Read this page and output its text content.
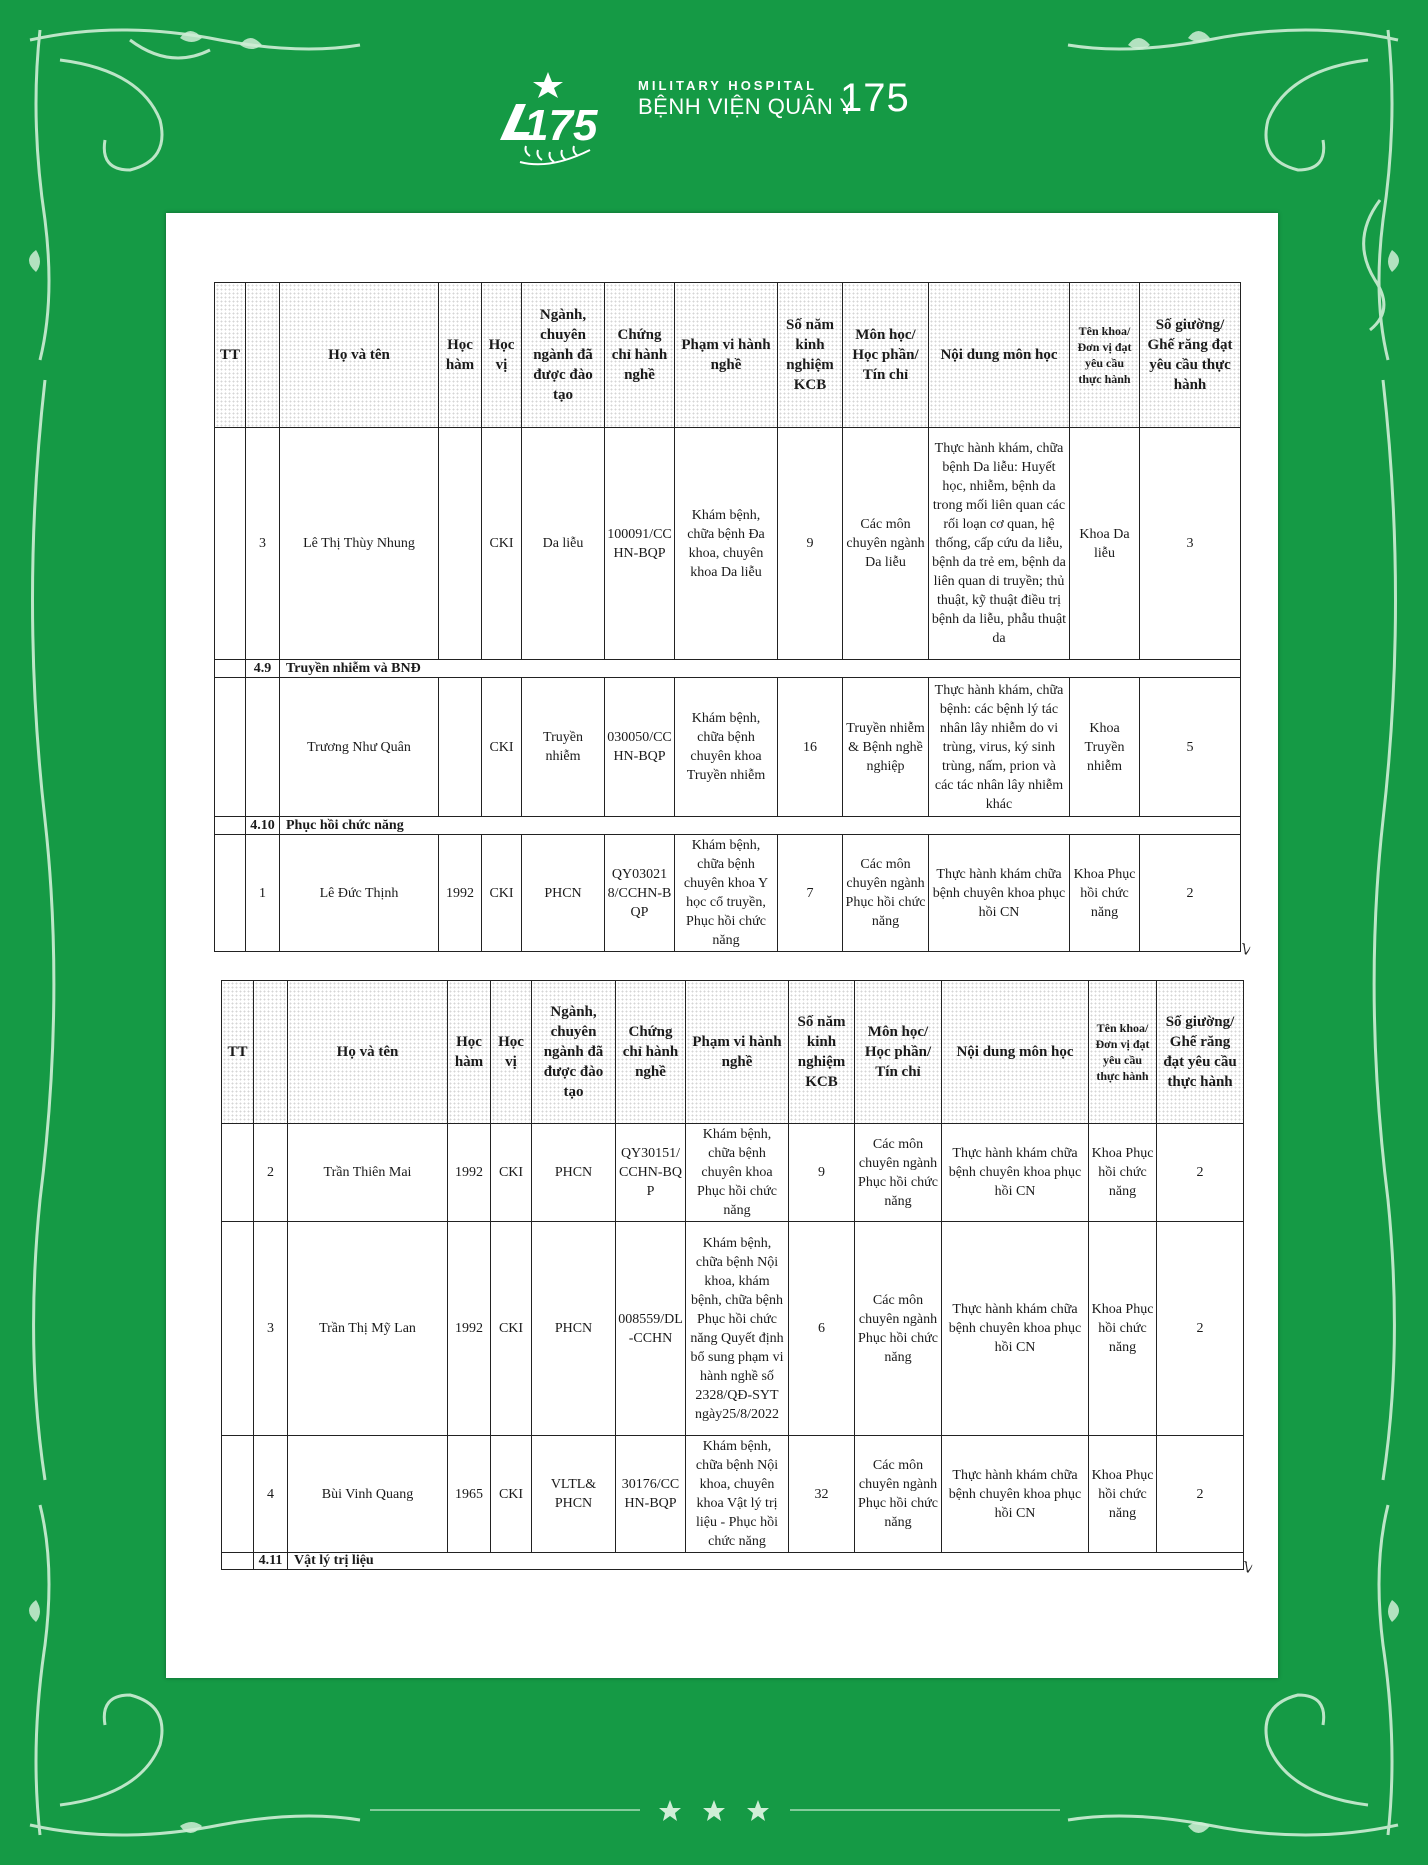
175
MILITARY HOSPITAL
BỆNH VIỆN QUÂN Y
175
TT		Họ và tên	Học hàm	Học vị	Ngành, chuyên ngành đã được đào tạo	Chứng chỉ hành nghề	Phạm vi hành nghề	Số năm kinh nghiệm KCB	Môn học/ Học phần/ Tín chỉ	Nội dung môn học	Tên khoa/ Đơn vị đạt yêu cầu thực hành	Số giường/ Ghế răng đạt yêu cầu thực hành
	3	Lê Thị Thùy Nhung		CKI	Da liễu	100091/CCHN-BQP	Khám bệnh, chữa bệnh Đa khoa, chuyên khoa Da liễu	9	Các môn chuyên ngành Da liễu	Thực hành khám, chữa bệnh Da liễu: Huyết học, nhiễm, bệnh da trong mối liên quan các rối loạn cơ quan, hệ thống, cấp cứu da liễu, bệnh da trẻ em, bệnh da liên quan di truyền; thủ thuật, kỹ thuật điều trị bệnh da liễu, phẫu thuật da	Khoa Da liễu	3
	4.9	Truyền nhiễm và BNĐ										
		Trương Như Quân		CKI	Truyền nhiễm	030050/CCHN-BQP	Khám bệnh, chữa bệnh chuyên khoa Truyền nhiễm	16	Truyền nhiễm & Bệnh nghề nghiệp	Thực hành khám, chữa bệnh: các bệnh lý tác nhân lây nhiễm do vi trùng, virus, ký sinh trùng, nấm, prion và các tác nhân lây nhiễm khác	Khoa Truyền nhiễm	5
	4.10	Phục hồi chức năng										
	1	Lê Đức Thịnh	1992	CKI	PHCN	QY030218/CCHN-BQP	Khám bệnh, chữa bệnh chuyên khoa Y học cổ truyền, Phục hồi chức năng	7	Các môn chuyên ngành Phục hồi chức năng	Thực hành khám chữa bệnh chuyên khoa phục hồi CN	Khoa Phục hồi chức năng	2
ﾚ
TT		Họ và tên	Học hàm	Học vị	Ngành, chuyên ngành đã được đào tạo	Chứng chỉ hành nghề	Phạm vi hành nghề	Số năm kinh nghiệm KCB	Môn học/ Học phần/ Tín chỉ	Nội dung môn học	Tên khoa/ Đơn vị đạt yêu cầu thực hành	Số giường/ Ghế răng đạt yêu cầu thực hành
	2	Trần Thiên Mai	1992	CKI	PHCN	QY30151/CCHN-BQP	Khám bệnh, chữa bệnh chuyên khoa Phục hồi chức năng	9	Các môn chuyên ngành Phục hồi chức năng	Thực hành khám chữa bệnh chuyên khoa phục hồi CN	Khoa Phục hồi chức năng	2
	3	Trần Thị Mỹ Lan	1992	CKI	PHCN	008559/DL-CCHN	Khám bệnh, chữa bệnh Nội khoa, khám bệnh, chữa bệnh Phục hồi chức năng Quyết định bổ sung phạm vi hành nghề số 2328/QĐ-SYT ngày25/8/2022	6	Các môn chuyên ngành Phục hồi chức năng	Thực hành khám chữa bệnh chuyên khoa phục hồi CN	Khoa Phục hồi chức năng	2
	4	Bùi Vinh Quang	1965	CKI	VLTL& PHCN	30176/CCHN-BQP	Khám bệnh, chữa bệnh Nội khoa, chuyên khoa Vật lý trị liệu - Phục hồi chức năng	32	Các môn chuyên ngành Phục hồi chức năng	Thực hành khám chữa bệnh chuyên khoa phục hồi CN	Khoa Phục hồi chức năng	2
	4.11	Vật lý trị liệu											ﾚ
